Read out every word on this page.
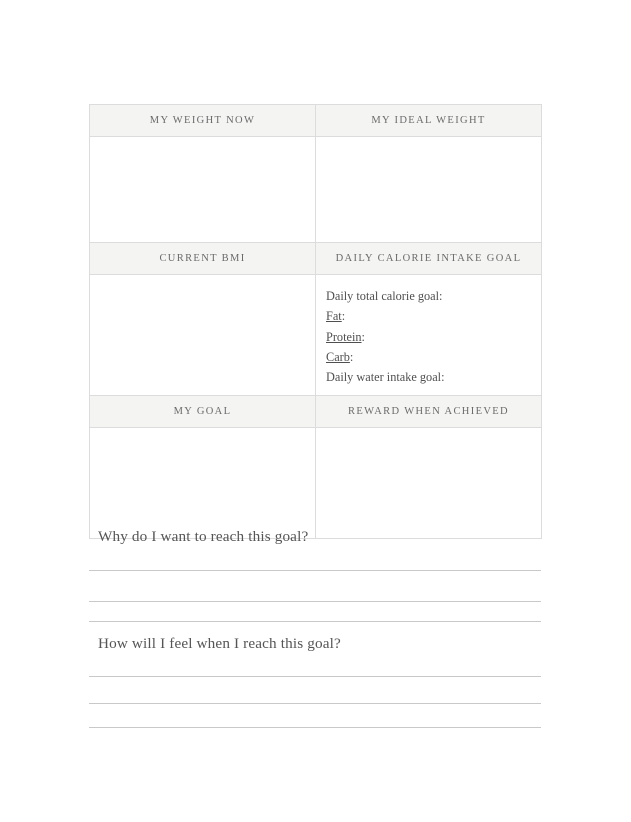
MY WEIGHT NOW	MY IDEAL WEIGHT

CURRENT BMI	DAILY CALORIE INTAKE GOAL

	Daily total calorie goal:
Fat:
Protein:
Carb:
Daily water intake goal:

MY GOAL	REWARD WHEN ACHIEVED

Why do I want to reach this goal?
How will I feel when I reach this goal?
